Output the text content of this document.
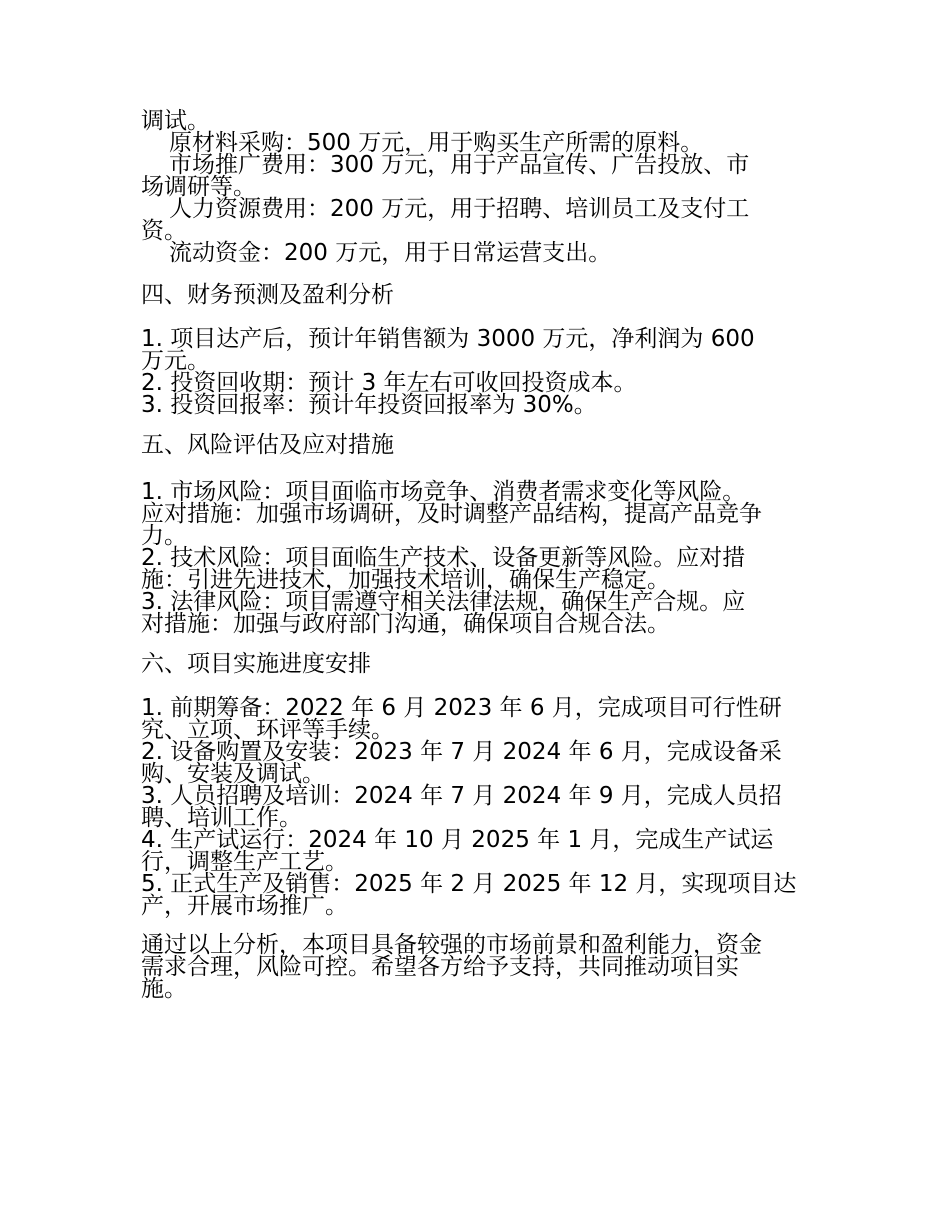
调试。
原材料采购：500 万元，用于购买生产所需的原料。
市场推广费用：300 万元，用于产品宣传、广告投放、市
场调研等。
人力资源费用：200 万元，用于招聘、培训员工及支付工
资。
流动资金：200 万元，用于日常运营支出。
四、财务预测及盈利分析
1. 项目达产后，预计年销售额为 3000 万元，净利润为 600
万元。
2. 投资回收期：预计 3 年左右可收回投资成本。
3. 投资回报率：预计年投资回报率为 30%。
五、风险评估及应对措施
1. 市场风险：项目面临市场竞争、消费者需求变化等风险。
应对措施：加强市场调研，及时调整产品结构，提高产品竞争
力。
2. 技术风险：项目面临生产技术、设备更新等风险。应对措
施：引进先进技术，加强技术培训，确保生产稳定。
3. 法律风险：项目需遵守相关法律法规，确保生产合规。应
对措施：加强与政府部门沟通，确保项目合规合法。
六、项目实施进度安排
1. 前期筹备：2022 年 6 月 2023 年 6 月，完成项目可行性研
究、立项、环评等手续。
2. 设备购置及安装：2023 年 7 月 2024 年 6 月，完成设备采
购、安装及调试。
3. 人员招聘及培训：2024 年 7 月 2024 年 9 月，完成人员招
聘、培训工作。
4. 生产试运行：2024 年 10 月 2025 年 1 月，完成生产试运
行，调整生产工艺。
5. 正式生产及销售：2025 年 2 月 2025 年 12 月，实现项目达
产，开展市场推广。
通过以上分析，本项目具备较强的市场前景和盈利能力，资金
需求合理，风险可控。希望各方给予支持，共同推动项目实
施。
